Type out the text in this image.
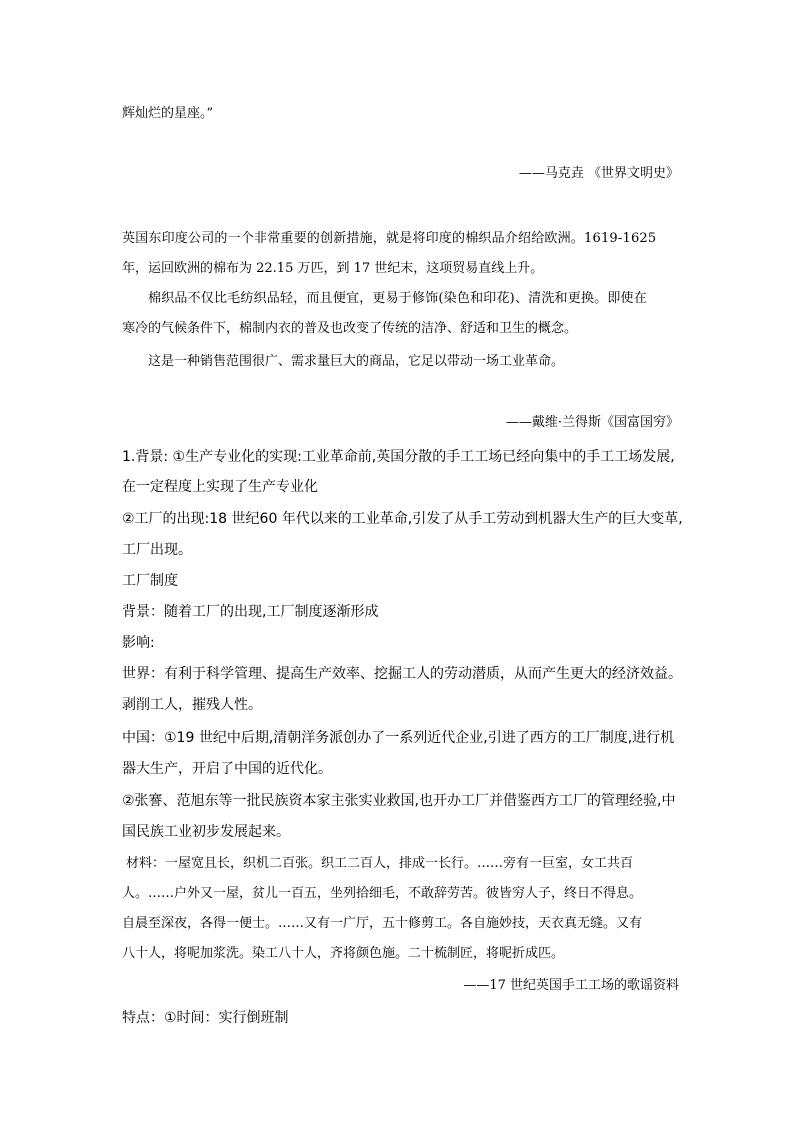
辉灿烂的星座。”
——马克垚 《世界文明史》
英国东印度公司的一个非常重要的创新措施，就是将印度的棉织品介绍给欧洲。1619-1625
年，运回欧洲的棉布为 22.15 万匹，到 17 世纪末，这项贸易直线上升。
棉织品不仅比毛纺织品轻，而且便宜，更易于修饰(染色和印花)、清洗和更换。即使在
寒冷的气候条件下，棉制内衣的普及也改变了传统的洁净、舒适和卫生的概念。
这是一种销售范围很广、需求量巨大的商品，它足以带动一场工业革命。
——戴维·兰得斯《国富国穷》
1.背景: ①生产专业化的实现:工业革命前,英国分散的手工工场已经向集中的手工工场发展,
在一定程度上实现了生产专业化
②工厂的出现:18 世纪60 年代以来的工业革命,引发了从手工劳动到机器大生产的巨大变革,
工厂出现。
工厂制度
背景：随着工厂的出现,工厂制度逐渐形成
影响:
世界：有利于科学管理、提高生产效率、挖掘工人的劳动潜质，从而产生更大的经济效益。
剥削工人，摧残人性。
中国：①19 世纪中后期,清朝洋务派创办了一系列近代企业,引进了西方的工厂制度,进行机
器大生产，开启了中国的近代化。
②张謇、范旭东等一批民族资本家主张实业救国,也开办工厂并借鉴西方工厂的管理经验,中
国民族工业初步发展起来。
材料：一屋宽且长，织机二百张。织工二百人，排成一长行。……旁有一巨室，女工共百
人。……户外又一屋，贫儿一百五，坐列拾细毛，不敢辞劳苦。彼皆穷人子，终日不得息。
自晨至深夜，各得一便士。……又有一广厅，五十修剪工。各自施妙技，天衣真无缝。又有
八十人，将呢加浆洗。染工八十人，齐将颜色施。二十梳制匠，将呢折成匹。
——17 世纪英国手工工场的歌谣资料
特点：①时间：实行倒班制
